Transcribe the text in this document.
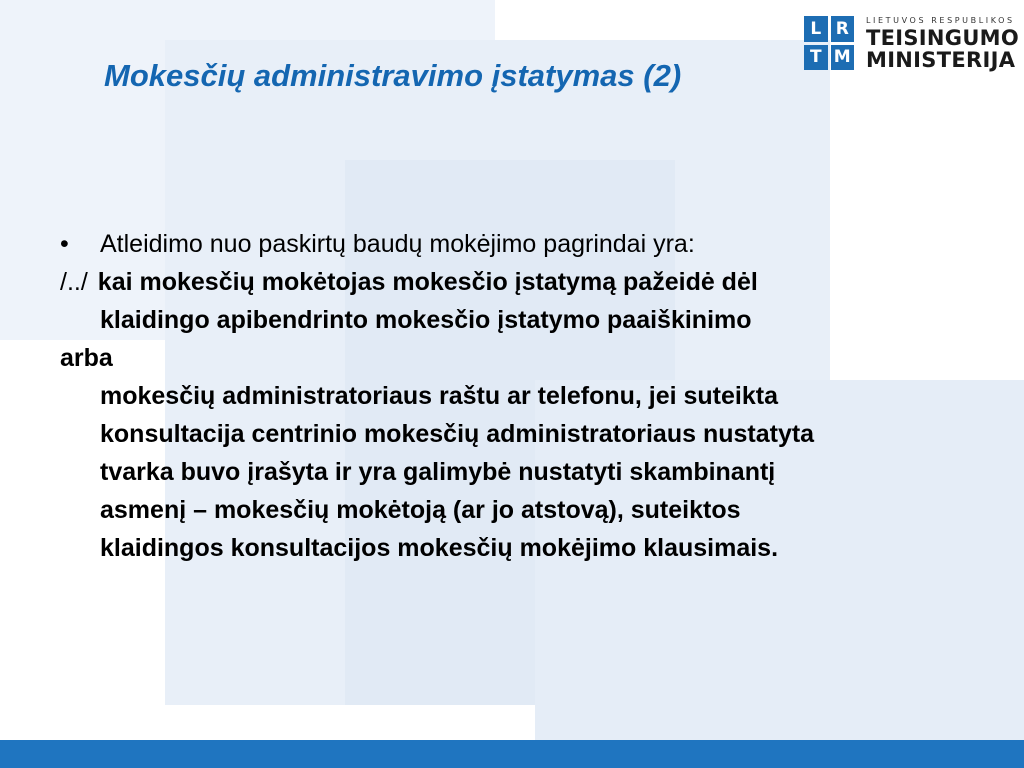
L R
T M
LIETUVOS RESPUBLIKOS
TEISINGUMO
MINISTERIJA
Mokesčių administravimo įstatymas (2)
• Atleidimo nuo paskirtų baudų mokėjimo pagrindai yra:
/../ kai mokesčių mokėtojas mokesčio įstatymą pažeidė dėl
klaidingo apibendrinto mokesčio įstatymo paaiškinimo
arba
mokesčių administratoriaus raštu ar telefonu, jei suteikta
konsultacija centrinio mokesčių administratoriaus nustatyta
tvarka buvo įrašyta ir yra galimybė nustatyti skambinantį
asmenį – mokesčių mokėtoją (ar jo atstovą), suteiktos
klaidingos konsultacijos mokesčių mokėjimo klausimais.
